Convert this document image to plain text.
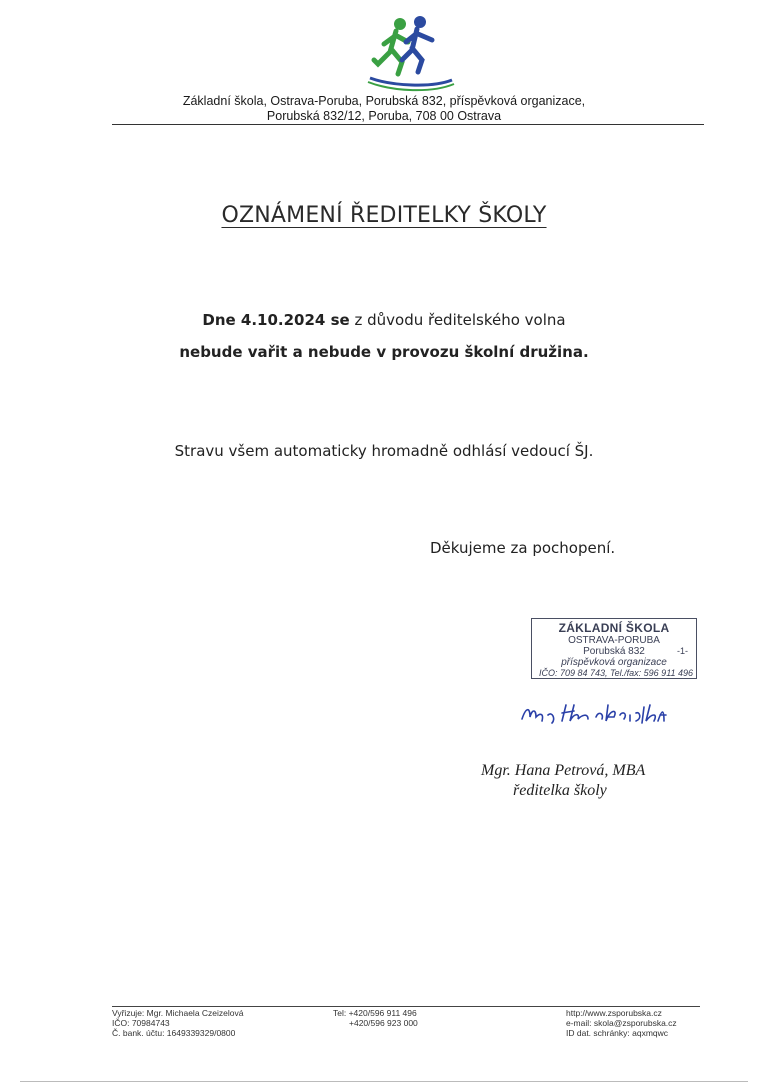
Základní škola, Ostrava-Poruba, Porubská 832, příspěvková organizace,
Porubská 832/12, Poruba, 708 00 Ostrava
OZNÁMENÍ ŘEDITELKY ŠKOLY
Dne 4.10.2024 se z důvodu ředitelského volna
nebude vařit a nebude v provozu školní družina.
Stravu všem automaticky hromadně odhlásí vedoucí ŠJ.
Děkujeme za pochopení.
ZÁKLADNÍ ŠKOLA
OSTRAVA-PORUBA
Porubská 832
příspěvková organizace
IČO: 709 84 743, Tel./fax: 596 911 496
-1-
Mgr. Hana Petrová, MBA
ředitelka školy
Vyřizuje: Mgr. Michaela Czeizelová
IČO: 70984743
Č. bank. účtu: 1649339329/0800
Tel: +420/596 911 496
+420/596 923 000
http://www.zsporubska.cz
e-mail: skola@zsporubska.cz
ID dat. schránky: aqxmqwc
